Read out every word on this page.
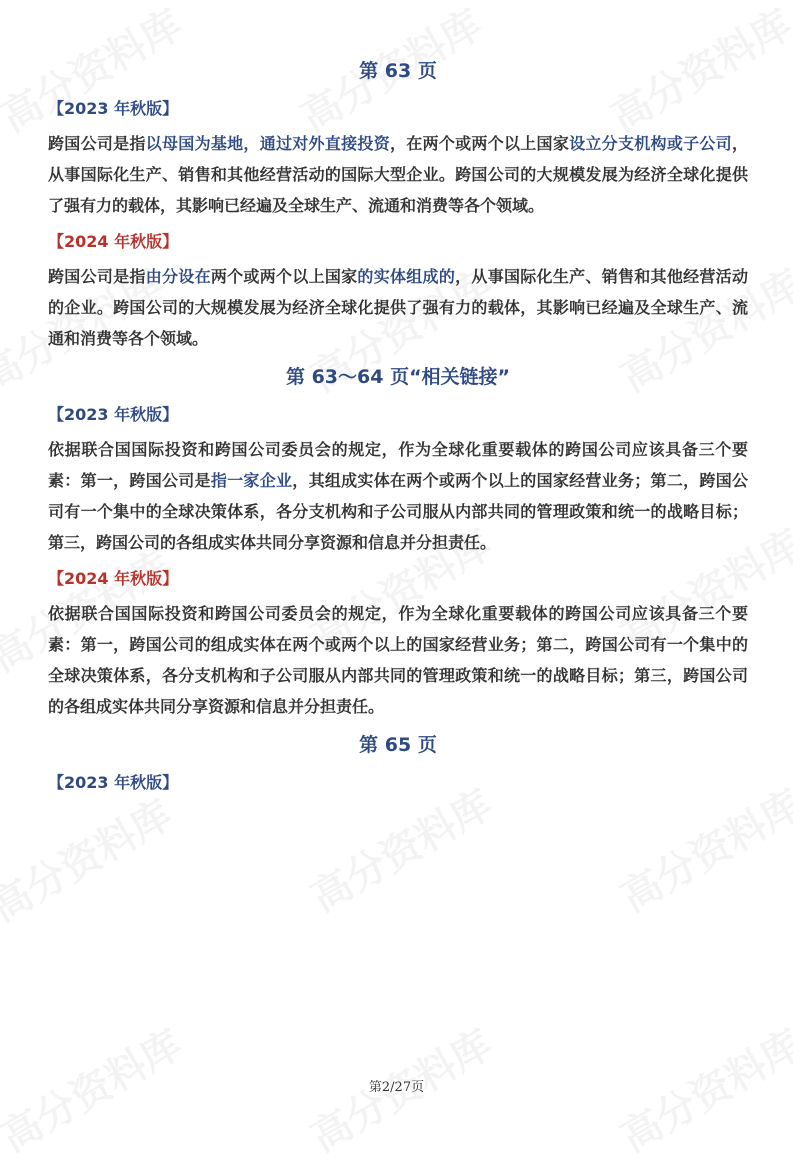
第 63 页
【2023 年秋版】

跨国公司是指以母国为基地，通过对外直接投资，在两个或两个以上国家设立分支机构或子公司，从事国际化生产、销售和其他经营活动的国际大型企业。跨国公司的大规模发展为经济全球化提供了强有力的载体，其影响已经遍及全球生产、流通和消费等各个领域。

【2024 年秋版】

跨国公司是指由分设在两个或两个以上国家的实体组成的，从事国际化生产、销售和其他经营活动的企业。跨国公司的大规模发展为经济全球化提供了强有力的载体，其影响已经遍及全球生产、流通和消费等各个领域。

第 63～64 页“相关链接”
【2023 年秋版】

依据联合国国际投资和跨国公司委员会的规定，作为全球化重要载体的跨国公司应该具备三个要素：第一，跨国公司是指一家企业，其组成实体在两个或两个以上的国家经营业务；第二，跨国公司有一个集中的全球决策体系，各分支机构和子公司服从内部共同的管理政策和统一的战略目标；第三，跨国公司的各组成实体共同分享资源和信息并分担责任。

【2024 年秋版】

依据联合国国际投资和跨国公司委员会的规定，作为全球化重要载体的跨国公司应该具备三个要素：第一，跨国公司的组成实体在两个或两个以上的国家经营业务；第二，跨国公司有一个集中的全球决策体系，各分支机构和子公司服从内部共同的管理政策和统一的战略目标；第三，跨国公司的各组成实体共同分享资源和信息并分担责任。

第 65 页
【2023 年秋版】
第2/27页
